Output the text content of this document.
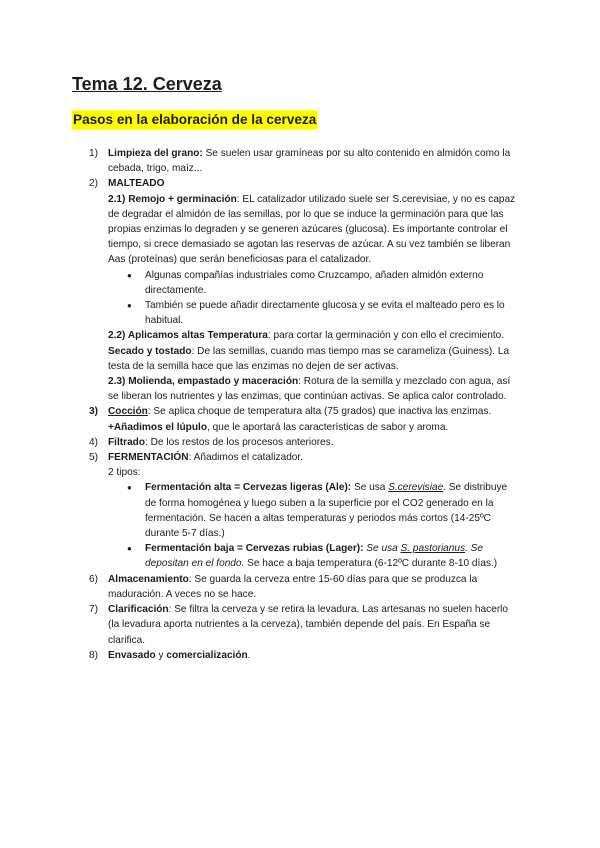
Tema 12. Cerveza
Pasos en la elaboración de la cerveza
1) Limpieza del grano: Se suelen usar gramíneas por su alto contenido en almidón como la cebada, trigo, maíz...
2) MALTEADO
2.1) Remojo + germinación: EL catalizador utilizado suele ser S.cerevisiae, y no es capaz de degradar el almidón de las semillas, por lo que se induce la germinación para que las propias enzimas lo degraden y se generen azúcares (glucosa). Es importante controlar el tiempo, si crece demasiado se agotan las reservas de azúcar. A su vez también se liberan Aas (proteínas) que serán beneficiosas para el catalizador.
● Algunas compañías industriales como Cruzcampo, añaden almidón externo directamente.
● También se puede añadir directamente glucosa y se evita el malteado pero es lo habitual.
2.2) Aplicamos altas Temperatura: para cortar la germinación y con ello el crecimiento. Secado y tostado: De las semillas, cuando mas tiempo mas se carameliza (Guiness). La testa de la semilla hace que las enzimas no dejen de ser activas.
2.3) Molienda, empastado y maceración: Rotura de la semilla y mezclado con agua, así se liberan los nutrientes y las enzimas, que continúan activas. Se aplica calor controlado.
3) Cocción: Se aplica choque de temperatura alta (75 grados) que inactiva las enzimas.
+Añadimos el lúpulo, que le aportará las características de sabor y aroma.
4) Filtrado: De los restos de los procesos anteriores.
5) FERMENTACIÓN: Añadimos el catalizador.
2 tipos:
● Fermentación alta = Cervezas ligeras (Ale): Se usa S.cerevisiae. Se distribuye de forma homogénea y luego suben a la superficie por el CO2 generado en la fermentación. Se hacen a altas temperaturas y periodos más cortos (14-25ºC durante 5-7 días.)
● Fermentación baja = Cervezas rubias (Lager): Se usa S. pastorianus. Se depositan en el fondo. Se hace a baja temperatura (6-12ºC durante 8-10 días.)
6) Almacenamiento: Se guarda la cerveza entre 15-60 días para que se produzca la maduración. A veces no se hace.
7) Clarificación: Se filtra la cerveza y se retira la levadura. Las artesanas no suelen hacerlo (la levadura aporta nutrientes a la cerveza), también depende del país. En España se clarifica.
8) Envasado y comercialización.
